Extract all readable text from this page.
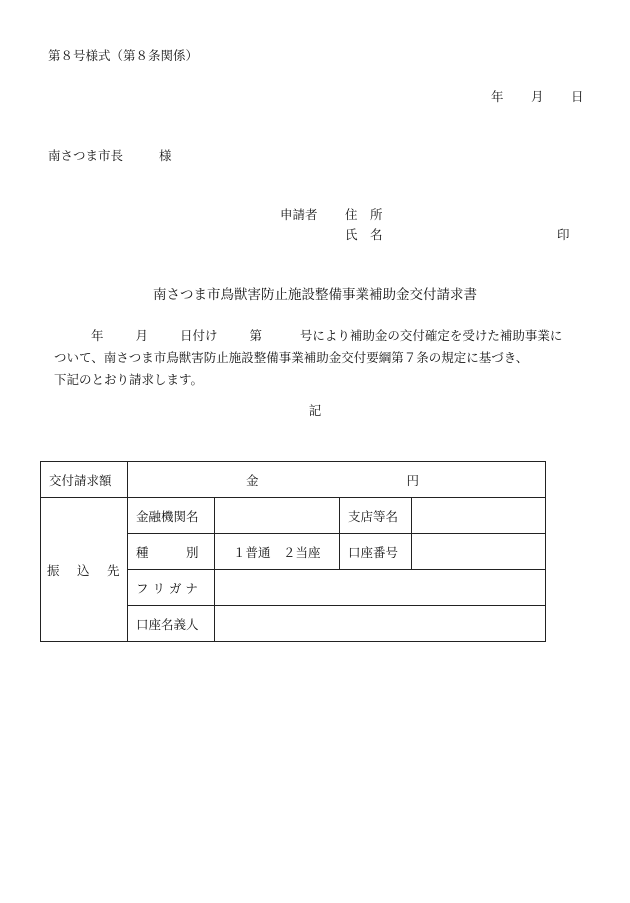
第８号様式（第８条関係）
年 月 日
南さつま市長	様
申請者 住　所
氏　名	印
南さつま市鳥獣害防止施設整備事業補助金交付請求書
年	月	日付け	第	号により補助金の交付確定を受けた補助事業に
ついて、南さつま市鳥獣害防止施設整備事業補助金交付要綱第７条の規定に基づき、
下記のとおり請求します。
記
交付請求額	金 円			
振　込　先	金融機関名		支店等名	
	種　　　別	１普通　２当座	口座番号	
	フ リ ガ ナ			
	口座名義人			
